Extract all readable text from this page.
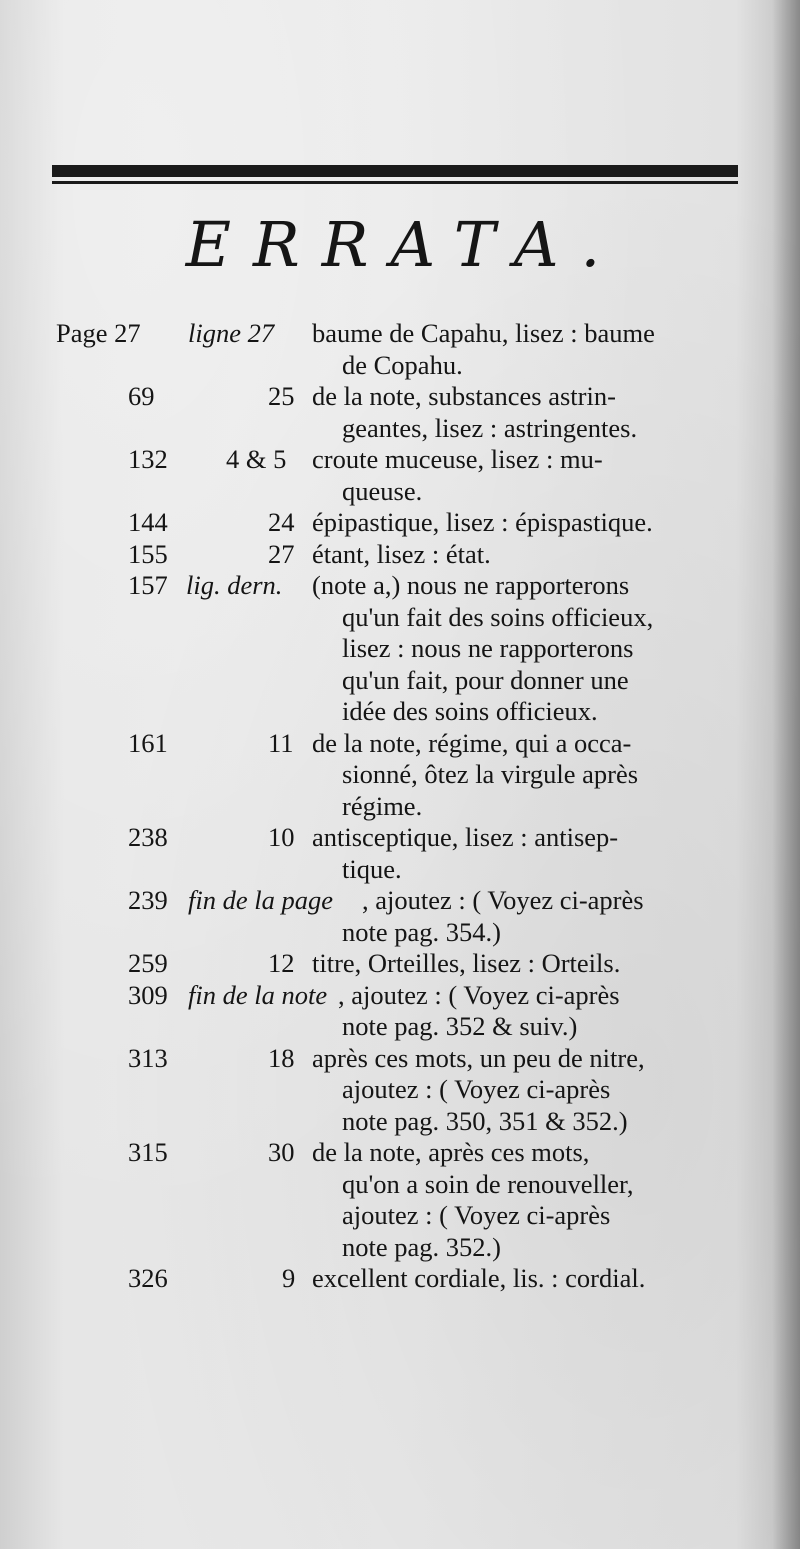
ERRATA.
Page 27 ligne 27 baume de Capahu, lisez : baume
de Copahu.
69	25 de la note, substances astrin-
geantes, lisez : astringentes.
132 4 & 5 croute muceuse, lisez : mu-
queuse.
144	24 épipastique, lisez : épispastique.
155	27 étant, lisez : état.
157 lig. dern. (note a,) nous ne rapporterons
qu'un fait des soins officieux,
lisez : nous ne rapporterons
qu'un fait, pour donner une
idée des soins officieux.
161	11 de la note, régime, qui a occa-
sionné, ôtez la virgule après
régime.
238	10 antisceptique, lisez : antisep-
tique.
239 fin de la page , ajoutez : ( Voyez ci-après
note pag. 354.)
259	12 titre, Orteilles, lisez : Orteils.
309 fin de la note , ajoutez : ( Voyez ci-après
note pag. 352 & suiv.)
313	18 après ces mots, un peu de nitre,
ajoutez : ( Voyez ci-après
note pag. 350, 351 & 352.)
315	30 de la note, après ces mots,
qu'on a soin de renouveller,
ajoutez : ( Voyez ci-après
note pag. 352.)
326	9 excellent cordiale, lis. : cordial.
